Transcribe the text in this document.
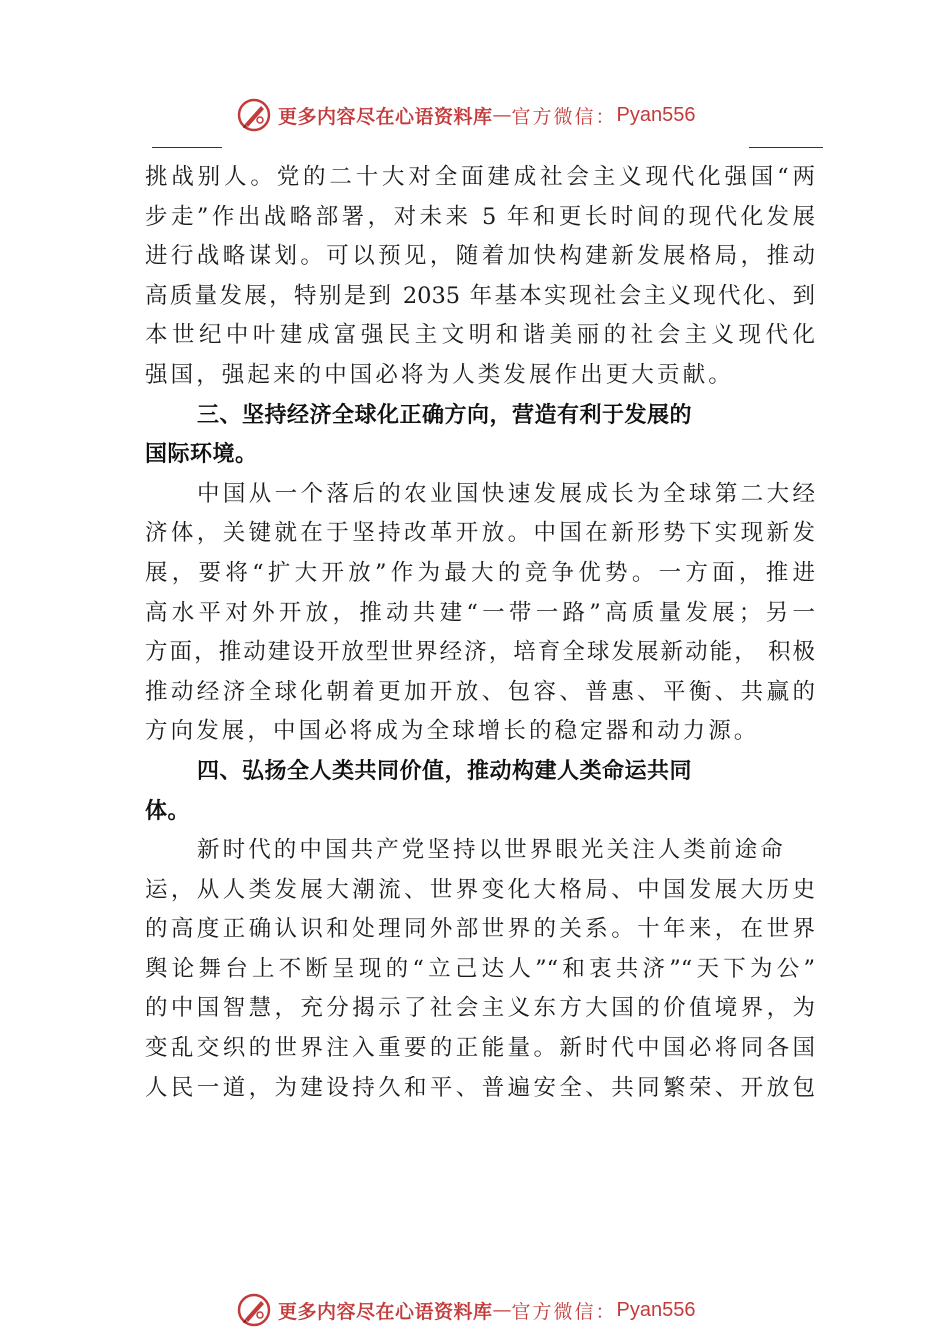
更多内容尽在心语资料库 — 官方微信： Pyan556
挑战别人。党的二十大对全面建成社会主义现代化强国“两
步走”作出战略部署，对未来 5 年和更长时间的现代化发展
进行战略谋划。可以预见，随着加快构建新发展格局，推动
高质量发展，特别是到 2035 年基本实现社会主义现代化、到
本世纪中叶建成富强民主文明和谐美丽的社会主义现代化
强国，强起来的中国必将为人类发展作出更大贡献。
三、坚持经济全球化正确方向，营造有利于发展的
国际环境。
中国从一个落后的农业国快速发展成长为全球第二大经
济体，关键就在于坚持改革开放。中国在新形势下实现新发
展，要将“扩大开放”作为最大的竞争优势。一方面，推进
高水平对外开放，推动共建“一带一路”高质量发展；另一
方面，推动建设开放型世界经济，培育全球发展新动能， 积极
推动经济全球化朝着更加开放、包容、普惠、平衡、共赢的
方向发展，中国必将成为全球增长的稳定器和动力源。
四、弘扬全人类共同价值，推动构建人类命运共同
体。
新时代的中国共产党坚持以世界眼光关注人类前途命
运，从人类发展大潮流、世界变化大格局、中国发展大历史
的高度正确认识和处理同外部世界的关系。十年来，在世界
舆论舞台上不断呈现的“立己达人”“和衷共济”“天下为公”
的中国智慧，充分揭示了社会主义东方大国的价值境界，为
变乱交织的世界注入重要的正能量。新时代中国必将同各国
人民一道，为建设持久和平、普遍安全、共同繁荣、开放包
更多内容尽在心语资料库 — 官方微信： Pyan556
